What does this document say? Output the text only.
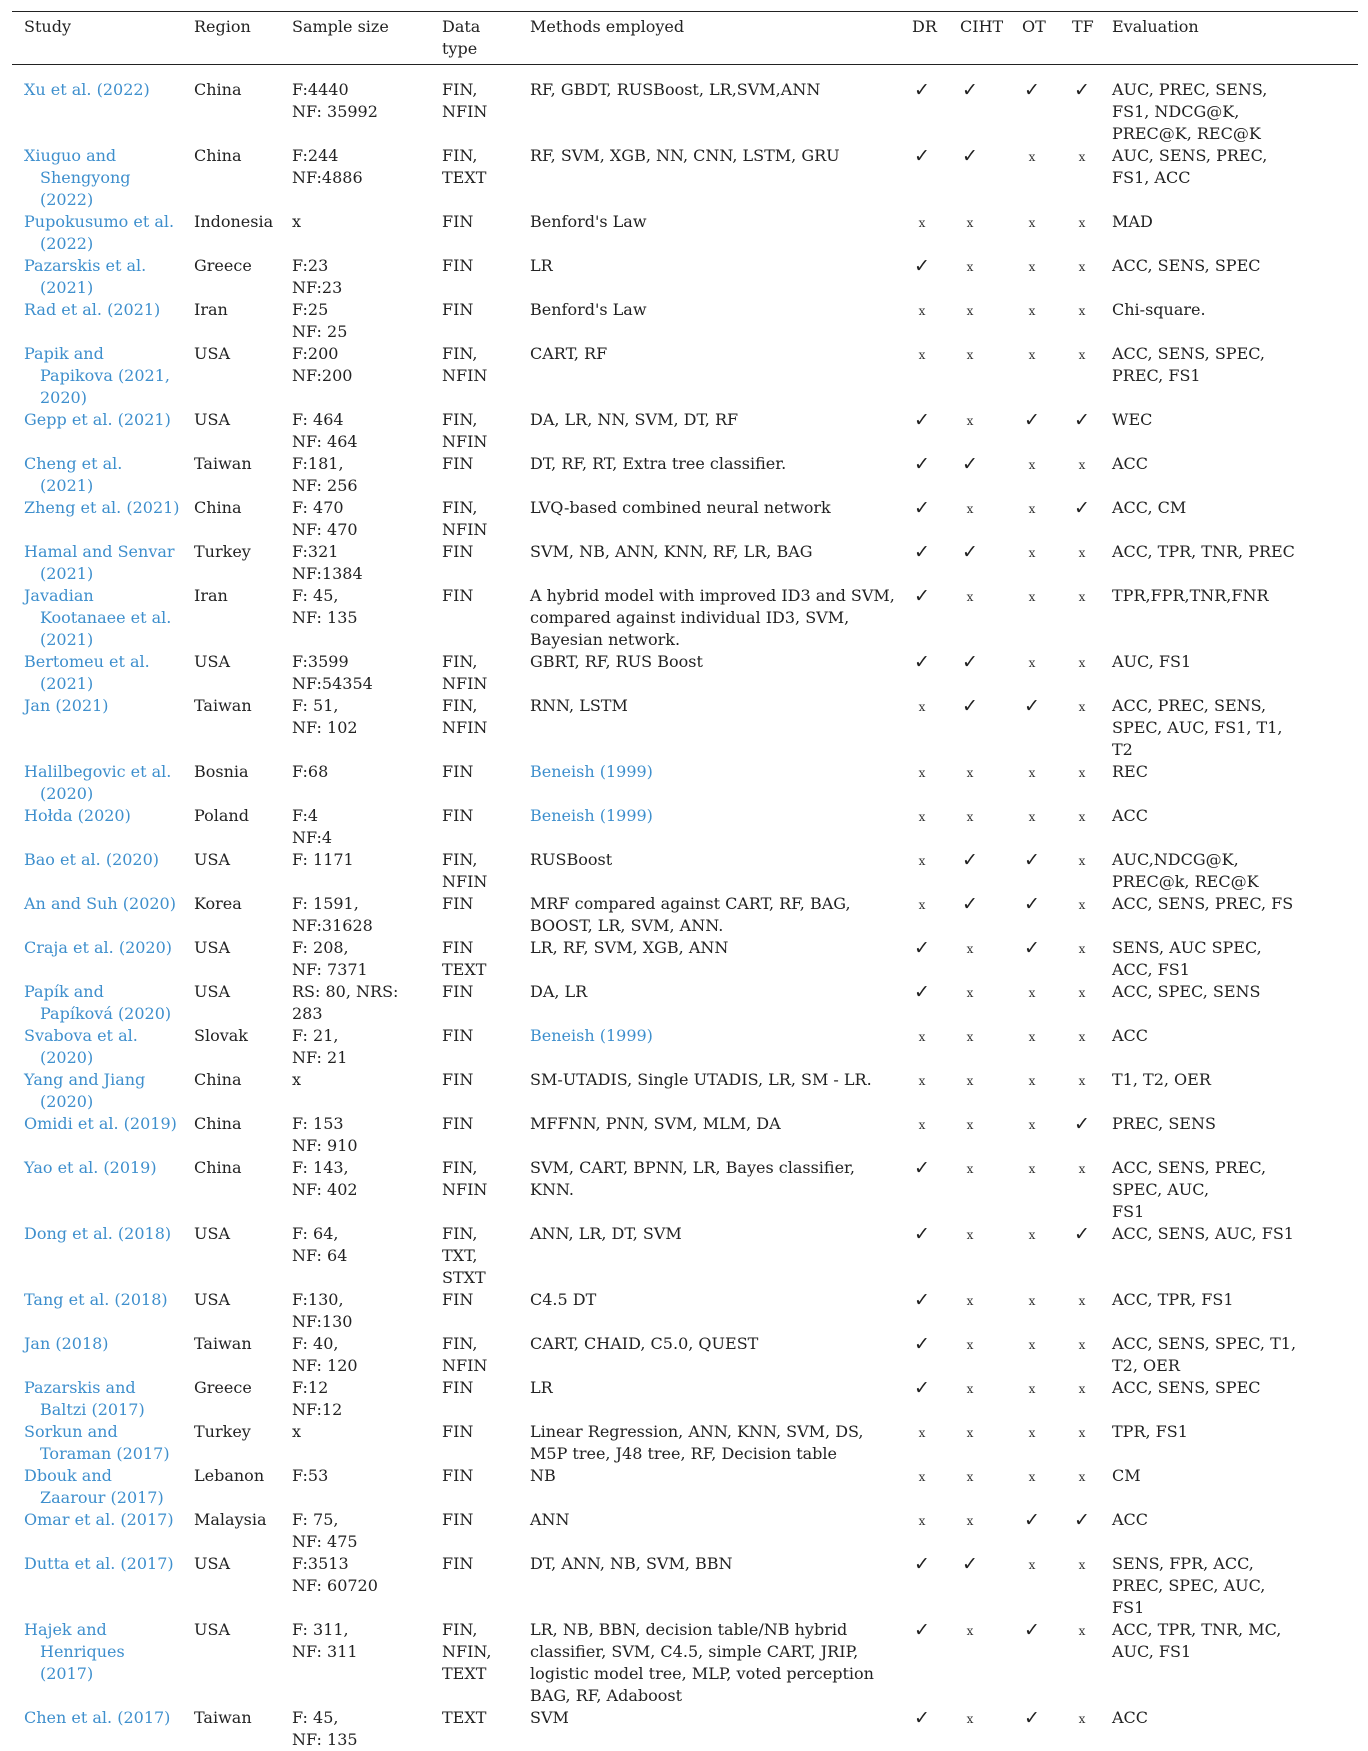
Study	Region	Sample size	Data
type	Methods employed	DR	CIHT	OT	TF	Evaluation

Xu et al. (2022)	China	F:4440
NF: 35992	FIN,
NFIN	RF, GBDT, RUSBoost, LR,SVM,ANN	✓	✓	✓	✓	AUC, PREC, SENS,
FS1, NDCG@K,
PREC@K, REC@K

Xiuguo and Shengyong (2022)	China	F:244
NF:4886	FIN,
TEXT	RF, SVM, XGB, NN, CNN, LSTM, GRU	✓	✓	x	x	AUC, SENS, PREC,
FS1, ACC

Pupokusumo et al. (2022)	Indonesia	x	FIN	Benford's Law	x	x	x	x	MAD

Pazarskis et al. (2021)	Greece	F:23
NF:23	FIN	LR	✓	x	x	x	ACC, SENS, SPEC

Rad et al. (2021)	Iran	F:25
NF: 25	FIN	Benford's Law	x	x	x	x	Chi-square.

Papik and Papikova (2021, 2020)	USA	F:200
NF:200	FIN,
NFIN	CART, RF	x	x	x	x	ACC, SENS, SPEC,
PREC, FS1

Gepp et al. (2021)	USA	F: 464
NF: 464	FIN,
NFIN	DA, LR, NN, SVM, DT, RF	✓	x	✓	✓	WEC

Cheng et al. (2021)	Taiwan	F:181,
NF: 256	FIN	DT, RF, RT, Extra tree classifier.	✓	✓	x	x	ACC

Zheng et al. (2021)	China	F: 470
NF: 470	FIN,
NFIN	LVQ-based combined neural network	✓	x	x	✓	ACC, CM

Hamal and Senvar (2021)	Turkey	F:321
NF:1384	FIN	SVM, NB, ANN, KNN, RF, LR, BAG	✓	✓	x	x	ACC, TPR, TNR, PREC

Javadian Kootanaee et al. (2021)	Iran	F: 45,
NF: 135	FIN	A hybrid model with improved ID3 and SVM, compared against individual ID3, SVM, Bayesian network.	✓	x	x	x	TPR,FPR,TNR,FNR

Bertomeu et al. (2021)	USA	F:3599
NF:54354	FIN,
NFIN	GBRT, RF, RUS Boost	✓	✓	x	x	AUC, FS1

Jan (2021)	Taiwan	F: 51,
NF: 102	FIN,
NFIN	RNN, LSTM	x	✓	✓	x	ACC, PREC, SENS,
SPEC, AUC, FS1, T1,
T2

Halilbegovic et al. (2020)	Bosnia	F:68	FIN	Beneish (1999)	x	x	x	x	REC

Hołda (2020)	Poland	F:4
NF:4	FIN	Beneish (1999)	x	x	x	x	ACC

Bao et al. (2020)	USA	F: 1171	FIN,
NFIN	RUSBoost	x	✓	✓	x	AUC,NDCG@K,
PREC@k, REC@K

An and Suh (2020)	Korea	F: 1591,
NF:31628	FIN	MRF compared against CART, RF, BAG, BOOST, LR, SVM, ANN.	x	✓	✓	x	ACC, SENS, PREC, FS

Craja et al. (2020)	USA	F: 208,
NF: 7371	FIN
TEXT	LR, RF, SVM, XGB, ANN	✓	x	✓	x	SENS, AUC SPEC,
ACC, FS1

Papík and Papíková (2020)	USA	RS: 80, NRS: 283	FIN	DA, LR	✓	x	x	x	ACC, SPEC, SENS

Svabova et al. (2020)	Slovak	F: 21,
NF: 21	FIN	Beneish (1999)	x	x	x	x	ACC

Yang and Jiang (2020)	China	x	FIN	SM-UTADIS, Single UTADIS, LR, SM - LR.	x	x	x	x	T1, T2, OER

Omidi et al. (2019)	China	F: 153
NF: 910	FIN	MFFNN, PNN, SVM, MLM, DA	x	x	x	✓	PREC, SENS

Yao et al. (2019)	China	F: 143,
NF: 402	FIN,
NFIN	SVM, CART, BPNN, LR, Bayes classifier, KNN.	✓	x	x	x	ACC, SENS, PREC,
SPEC, AUC,
FS1

Dong et al. (2018)	USA	F: 64,
NF: 64	FIN,
TXT,
STXT	ANN, LR, DT, SVM	✓	x	x	✓	ACC, SENS, AUC, FS1

Tang et al. (2018)	USA	F:130,
NF:130	FIN	C4.5 DT	✓	x	x	x	ACC, TPR, FS1

Jan (2018)	Taiwan	F: 40,
NF: 120	FIN,
NFIN	CART, CHAID, C5.0, QUEST	✓	x	x	x	ACC, SENS, SPEC, T1,
T2, OER

Pazarskis and Baltzi (2017)	Greece	F:12
NF:12	FIN	LR	✓	x	x	x	ACC, SENS, SPEC

Sorkun and Toraman (2017)	Turkey	x	FIN	Linear Regression, ANN, KNN, SVM, DS, M5P tree, J48 tree, RF, Decision table	x	x	x	x	TPR, FS1

Dbouk and Zaarour (2017)	Lebanon	F:53	FIN	NB	x	x	x	x	CM

Omar et al. (2017)	Malaysia	F: 75,
NF: 475	FIN	ANN	x	x	✓	✓	ACC

Dutta et al. (2017)	USA	F:3513
NF: 60720	FIN	DT, ANN, NB, SVM, BBN	✓	✓	x	x	SENS, FPR, ACC,
PREC, SPEC, AUC,
FS1

Hajek and Henriques (2017)	USA	F: 311,
NF: 311	FIN,
NFIN,
TEXT	LR, NB, BBN, decision table/NB hybrid classifier, SVM, C4.5, simple CART, JRIP, logistic model tree, MLP, voted perception BAG, RF, Adaboost	✓	x	✓	x	ACC, TPR, TNR, MC,
AUC, FS1

Chen et al. (2017)	Taiwan	F: 45,
NF: 135	TEXT	SVM	✓	x	✓	x	ACC
